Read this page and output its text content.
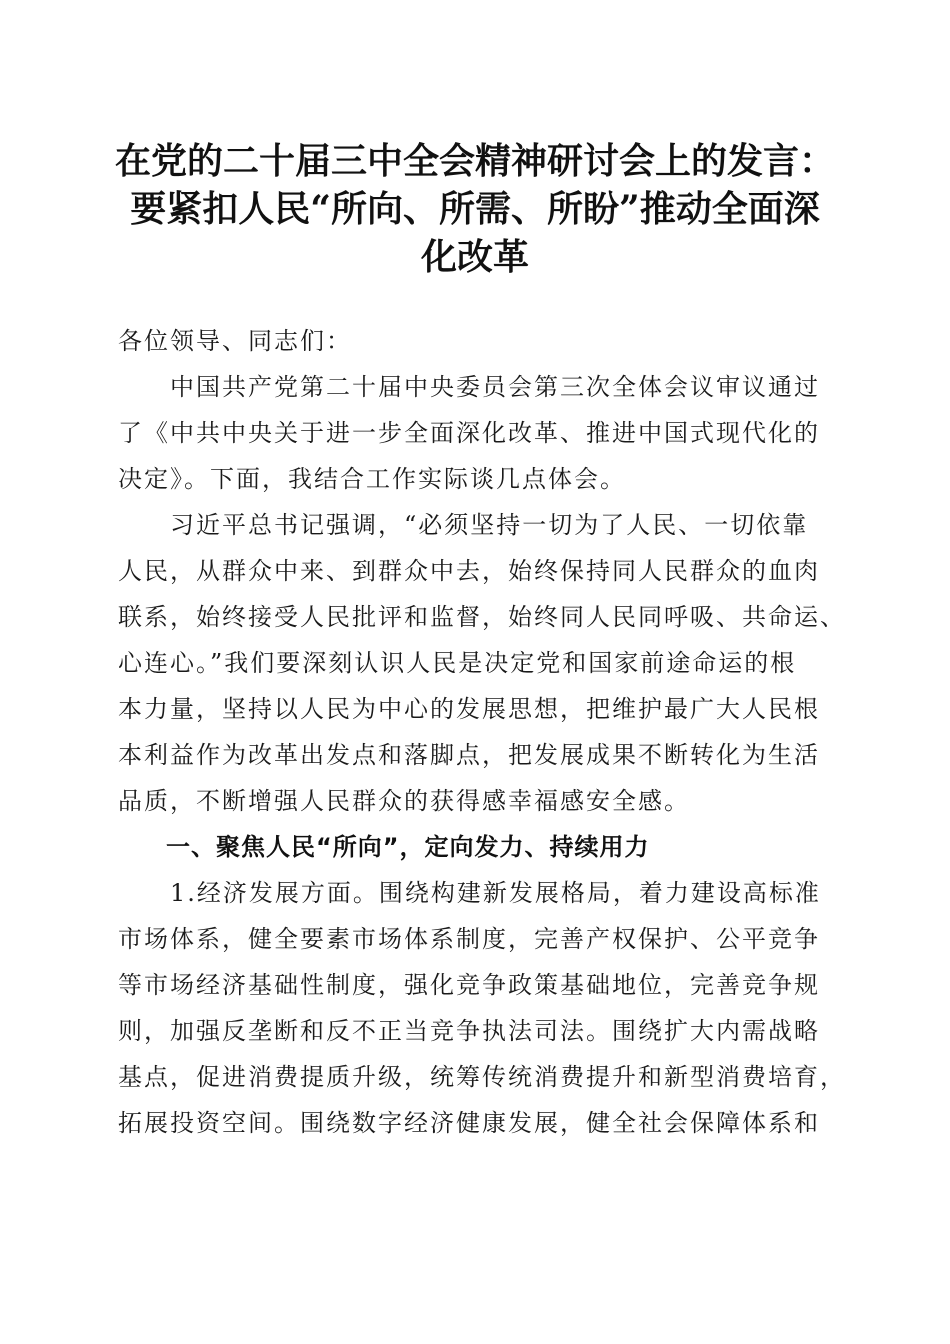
在党的二十届三中全会精神研讨会上的发言：
要紧扣人民“所向、所需、所盼”推动全面深
化改革
各位领导、同志们：
　　中国共产党第二十届中央委员会第三次全体会议审议通过
了《中共中央关于进一步全面深化改革、推进中国式现代化的
决定》。下面，我结合工作实际谈几点体会。
　　习近平总书记强调，“必须坚持一切为了人民、一切依靠
人民，从群众中来、到群众中去，始终保持同人民群众的血肉
联系，始终接受人民批评和监督，始终同人民同呼吸、共命运、
心连心。”我们要深刻认识人民是决定党和国家前途命运的根
本力量，坚持以人民为中心的发展思想，把维护最广大人民根
本利益作为改革出发点和落脚点，把发展成果不断转化为生活
品质，不断增强人民群众的获得感幸福感安全感。
一、聚焦人民“所向”，定向发力、持续用力
　　1.经济发展方面。围绕构建新发展格局，着力建设高标准
市场体系，健全要素市场体系制度，完善产权保护、公平竞争
等市场经济基础性制度，强化竞争政策基础地位，完善竞争规
则，加强反垄断和反不正当竞争执法司法。围绕扩大内需战略
基点，促进消费提质升级，统筹传统消费提升和新型消费培育，
拓展投资空间。围绕数字经济健康发展，健全社会保障体系和
